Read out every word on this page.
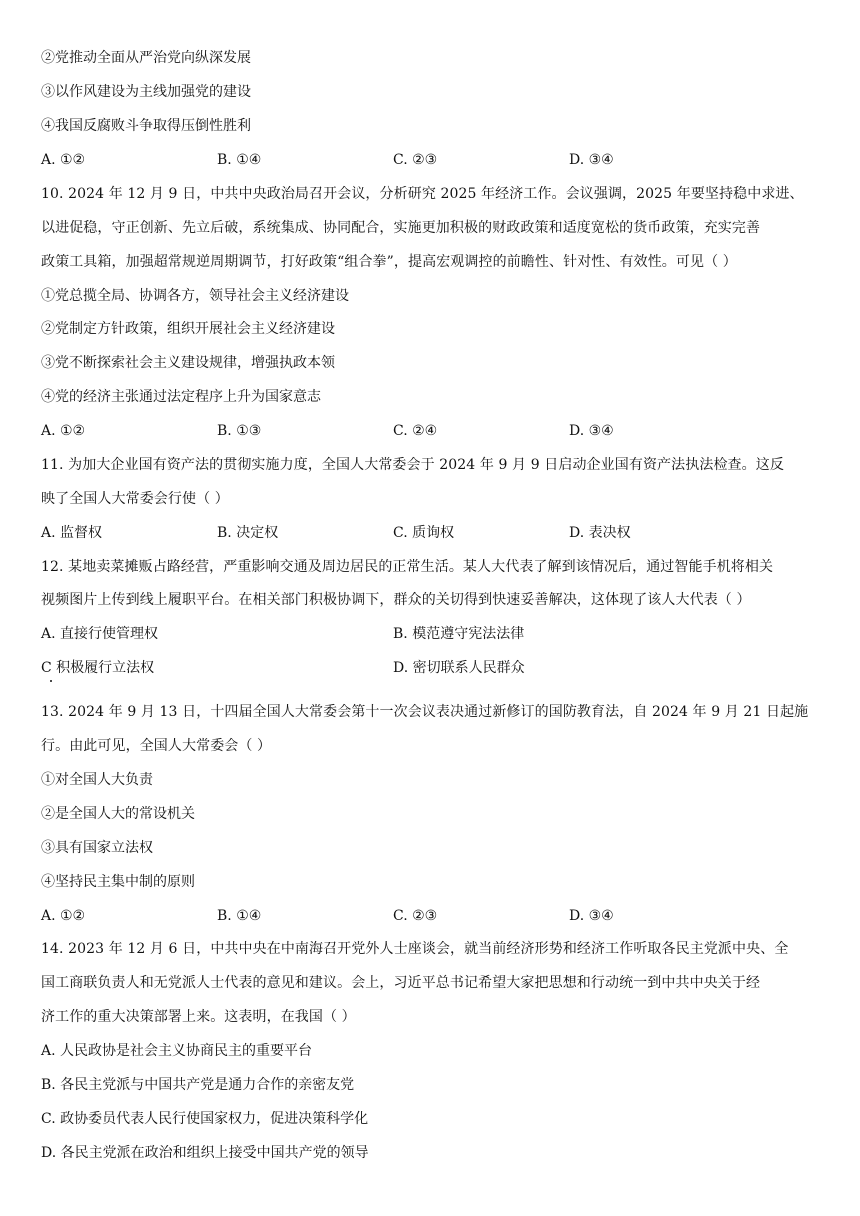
②党推动全面从严治党向纵深发展
③以作风建设为主线加强党的建设
④我国反腐败斗争取得压倒性胜利
A. ①②	B. ①④	C. ②③	D. ③④
10. 2024 年 12 月 9 日，中共中央政治局召开会议，分析研究 2025 年经济工作。会议强调，2025 年要坚持稳中求进、
以进促稳，守正创新、先立后破，系统集成、协同配合，实施更加积极的财政政策和适度宽松的货币政策，充实完善
政策工具箱，加强超常规逆周期调节，打好政策“组合拳”，提高宏观调控的前瞻性、针对性、有效性。可见（ ）
①党总揽全局、协调各方，领导社会主义经济建设
②党制定方针政策，组织开展社会主义经济建设
③党不断探索社会主义建设规律，增强执政本领
④党的经济主张通过法定程序上升为国家意志
A. ①②	B. ①③	C. ②④	D. ③④
11. 为加大企业国有资产法的贯彻实施力度，全国人大常委会于 2024 年 9 月 9 日启动企业国有资产法执法检查。这反
映了全国人大常委会行使（ ）
A. 监督权	B. 决定权	C. 质询权	D. 表决权
12. 某地卖菜摊贩占路经营，严重影响交通及周边居民的正常生活。某人大代表了解到该情况后，通过智能手机将相关
视频图片上传到线上履职平台。在相关部门积极协调下，群众的关切得到快速妥善解决，这体现了该人大代表（ ）
A. 直接行使管理权	B. 模范遵守宪法法律
C 积极履行立法权	D. 密切联系人民群众
13. 2024 年 9 月 13 日，十四届全国人大常委会第十一次会议表决通过新修订的国防教育法，自 2024 年 9 月 21 日起施
行。由此可见，全国人大常委会（ ）
①对全国人大负责
②是全国人大的常设机关
③具有国家立法权
④坚持民主集中制的原则
A. ①②	B. ①④	C. ②③	D. ③④
14. 2023 年 12 月 6 日，中共中央在中南海召开党外人士座谈会，就当前经济形势和经济工作听取各民主党派中央、全
国工商联负责人和无党派人士代表的意见和建议。会上，习近平总书记希望大家把思想和行动统一到中共中央关于经
济工作的重大决策部署上来。这表明，在我国（ ）
A. 人民政协是社会主义协商民主的重要平台
B. 各民主党派与中国共产党是通力合作的亲密友党
C. 政协委员代表人民行使国家权力，促进决策科学化
D. 各民主党派在政治和组织上接受中国共产党的领导
